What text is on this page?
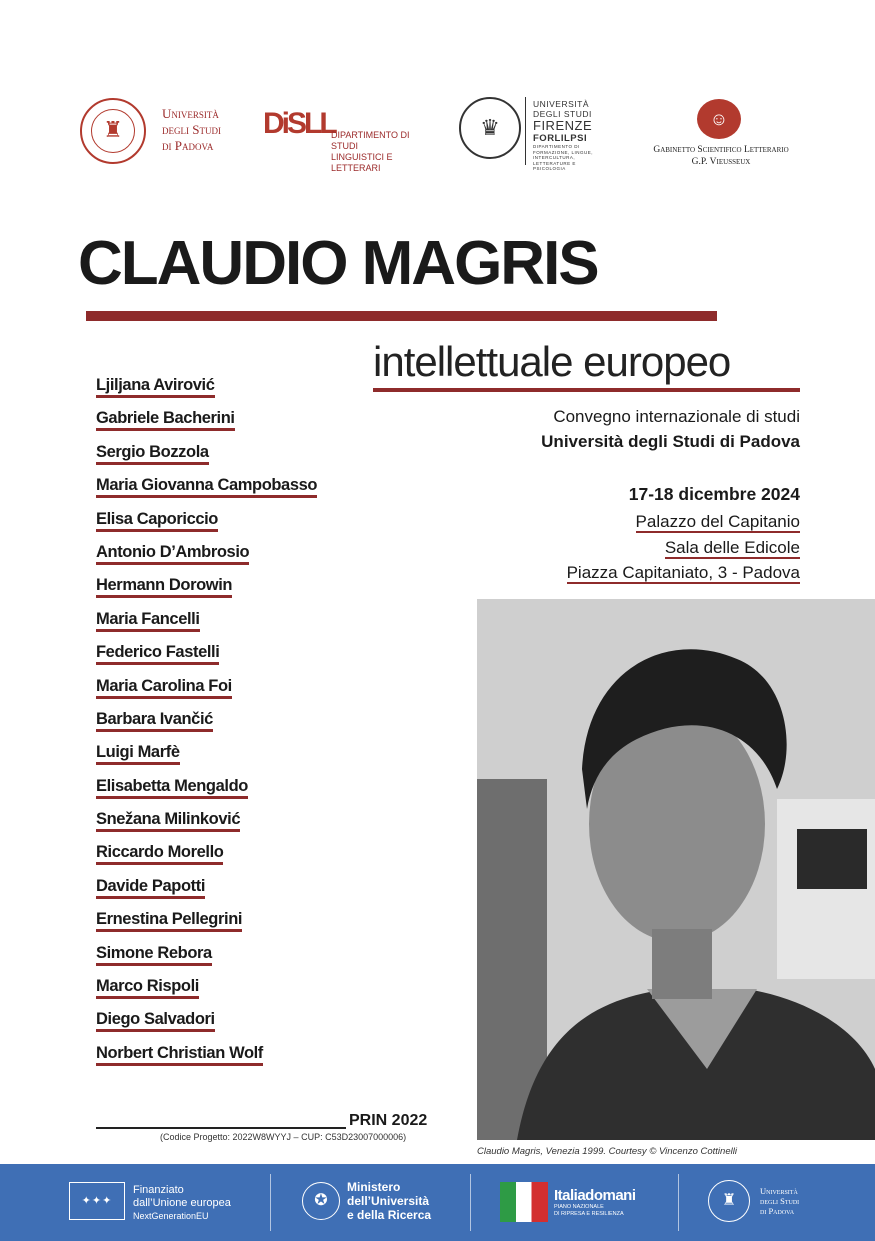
♜
Università
degli Studi
di Padova
DiSLL
DIPARTIMENTO DI STUDI
LINGUISTICI E LETTERARI
♛
UNIVERSITÀ
DEGLI STUDI
FIRENZE
FORLILPSI
DIPARTIMENTO DI FORMAZIONE, LINGUE, INTERCULTURA, LETTERATURE E PSICOLOGIA
☺
Gabinetto Scientifico Letterario
G.P. Vieusseux
CLAUDIO MAGRIS
intellettuale europeo
Ljiljana Avirović
Gabriele Bacherini
Sergio Bozzola
Maria Giovanna Campobasso
Elisa Caporiccio
Antonio D’Ambrosio
Hermann Dorowin
Maria Fancelli
Federico Fastelli
Maria Carolina Foi
Barbara Ivančić
Luigi Marfè
Elisabetta Mengaldo
Snežana Milinković
Riccardo Morello
Davide Papotti
Ernestina Pellegrini
Simone Rebora
Marco Rispoli
Diego Salvadori
Norbert Christian Wolf
Convegno internazionale di studi
Università degli Studi di Padova
17-18 dicembre 2024
Palazzo del Capitanio
Sala delle Edicole
Piazza Capitaniato, 3 - Padova
Claudio Magris, Venezia 1999. Courtesy © Vincenzo Cottinelli
PRIN 2022
(Codice Progetto: 2022W8WYYJ – CUP: C53D23007000006)
✦✦✦
Finanziato
dall’Unione europea
NextGenerationEU
✪
Ministero
dell’Università
e della Ricerca
Italiadomani
PIANO NAZIONALE
DI RIPRESA E RESILIENZA
♜
Università
degli Studi
di Padova
